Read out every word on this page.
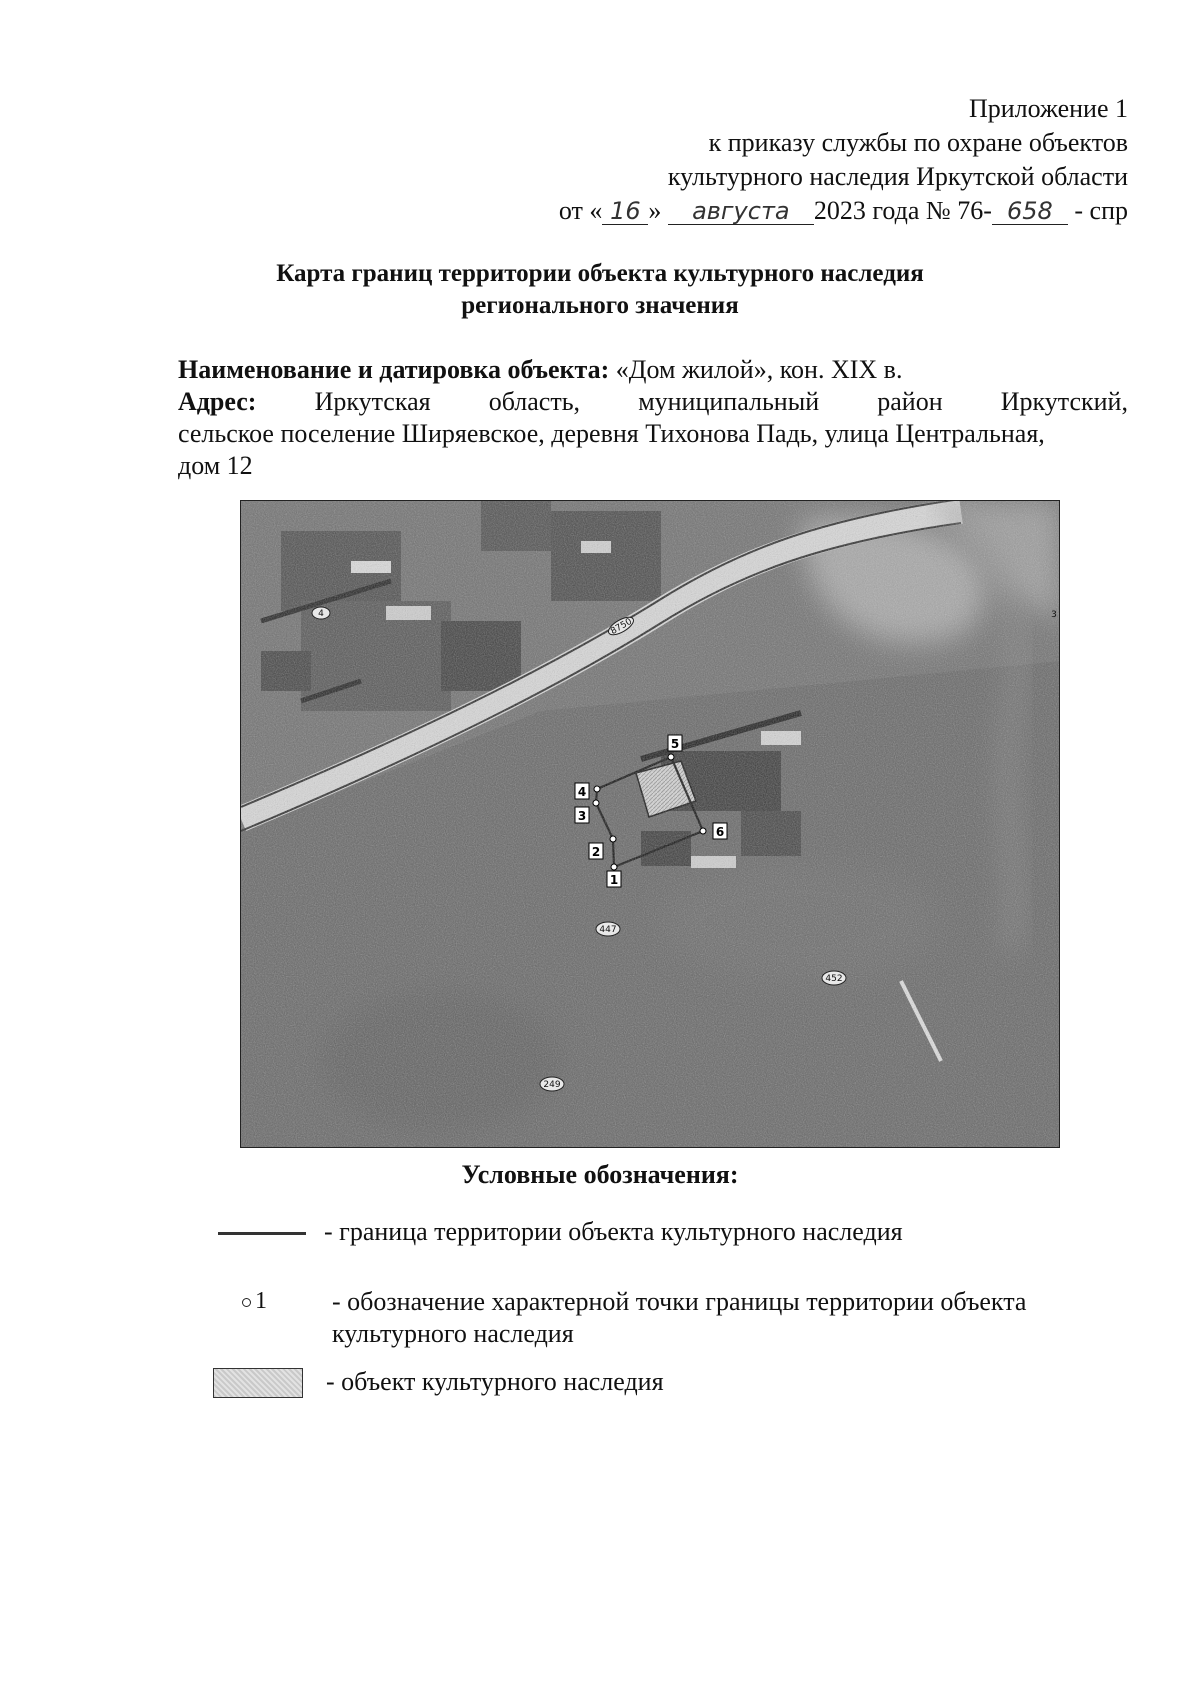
Приложение 1
к приказу службы по охране объектов
культурного наследия Иркутской области
от « 16 » августа 2023 года № 76- 658 - спр
Карта границ территории объекта культурного наследия
регионального значения
Наименование и датировка объекта: «Дом жилой», кон. XIX в.
Адрес: Иркутская область, муниципальный район Иркутский,
сельское поселение Ширяевское, деревня Тихонова Падь, улица Центральная,
дом 12
1
2
3
4
5
6
4
8750
447
452
249
3
Условные обозначения:
- граница территории объекта культурного наследия
1	- обозначение характерной точки границы территории объекта
культурного наследия
- объект культурного наследия
